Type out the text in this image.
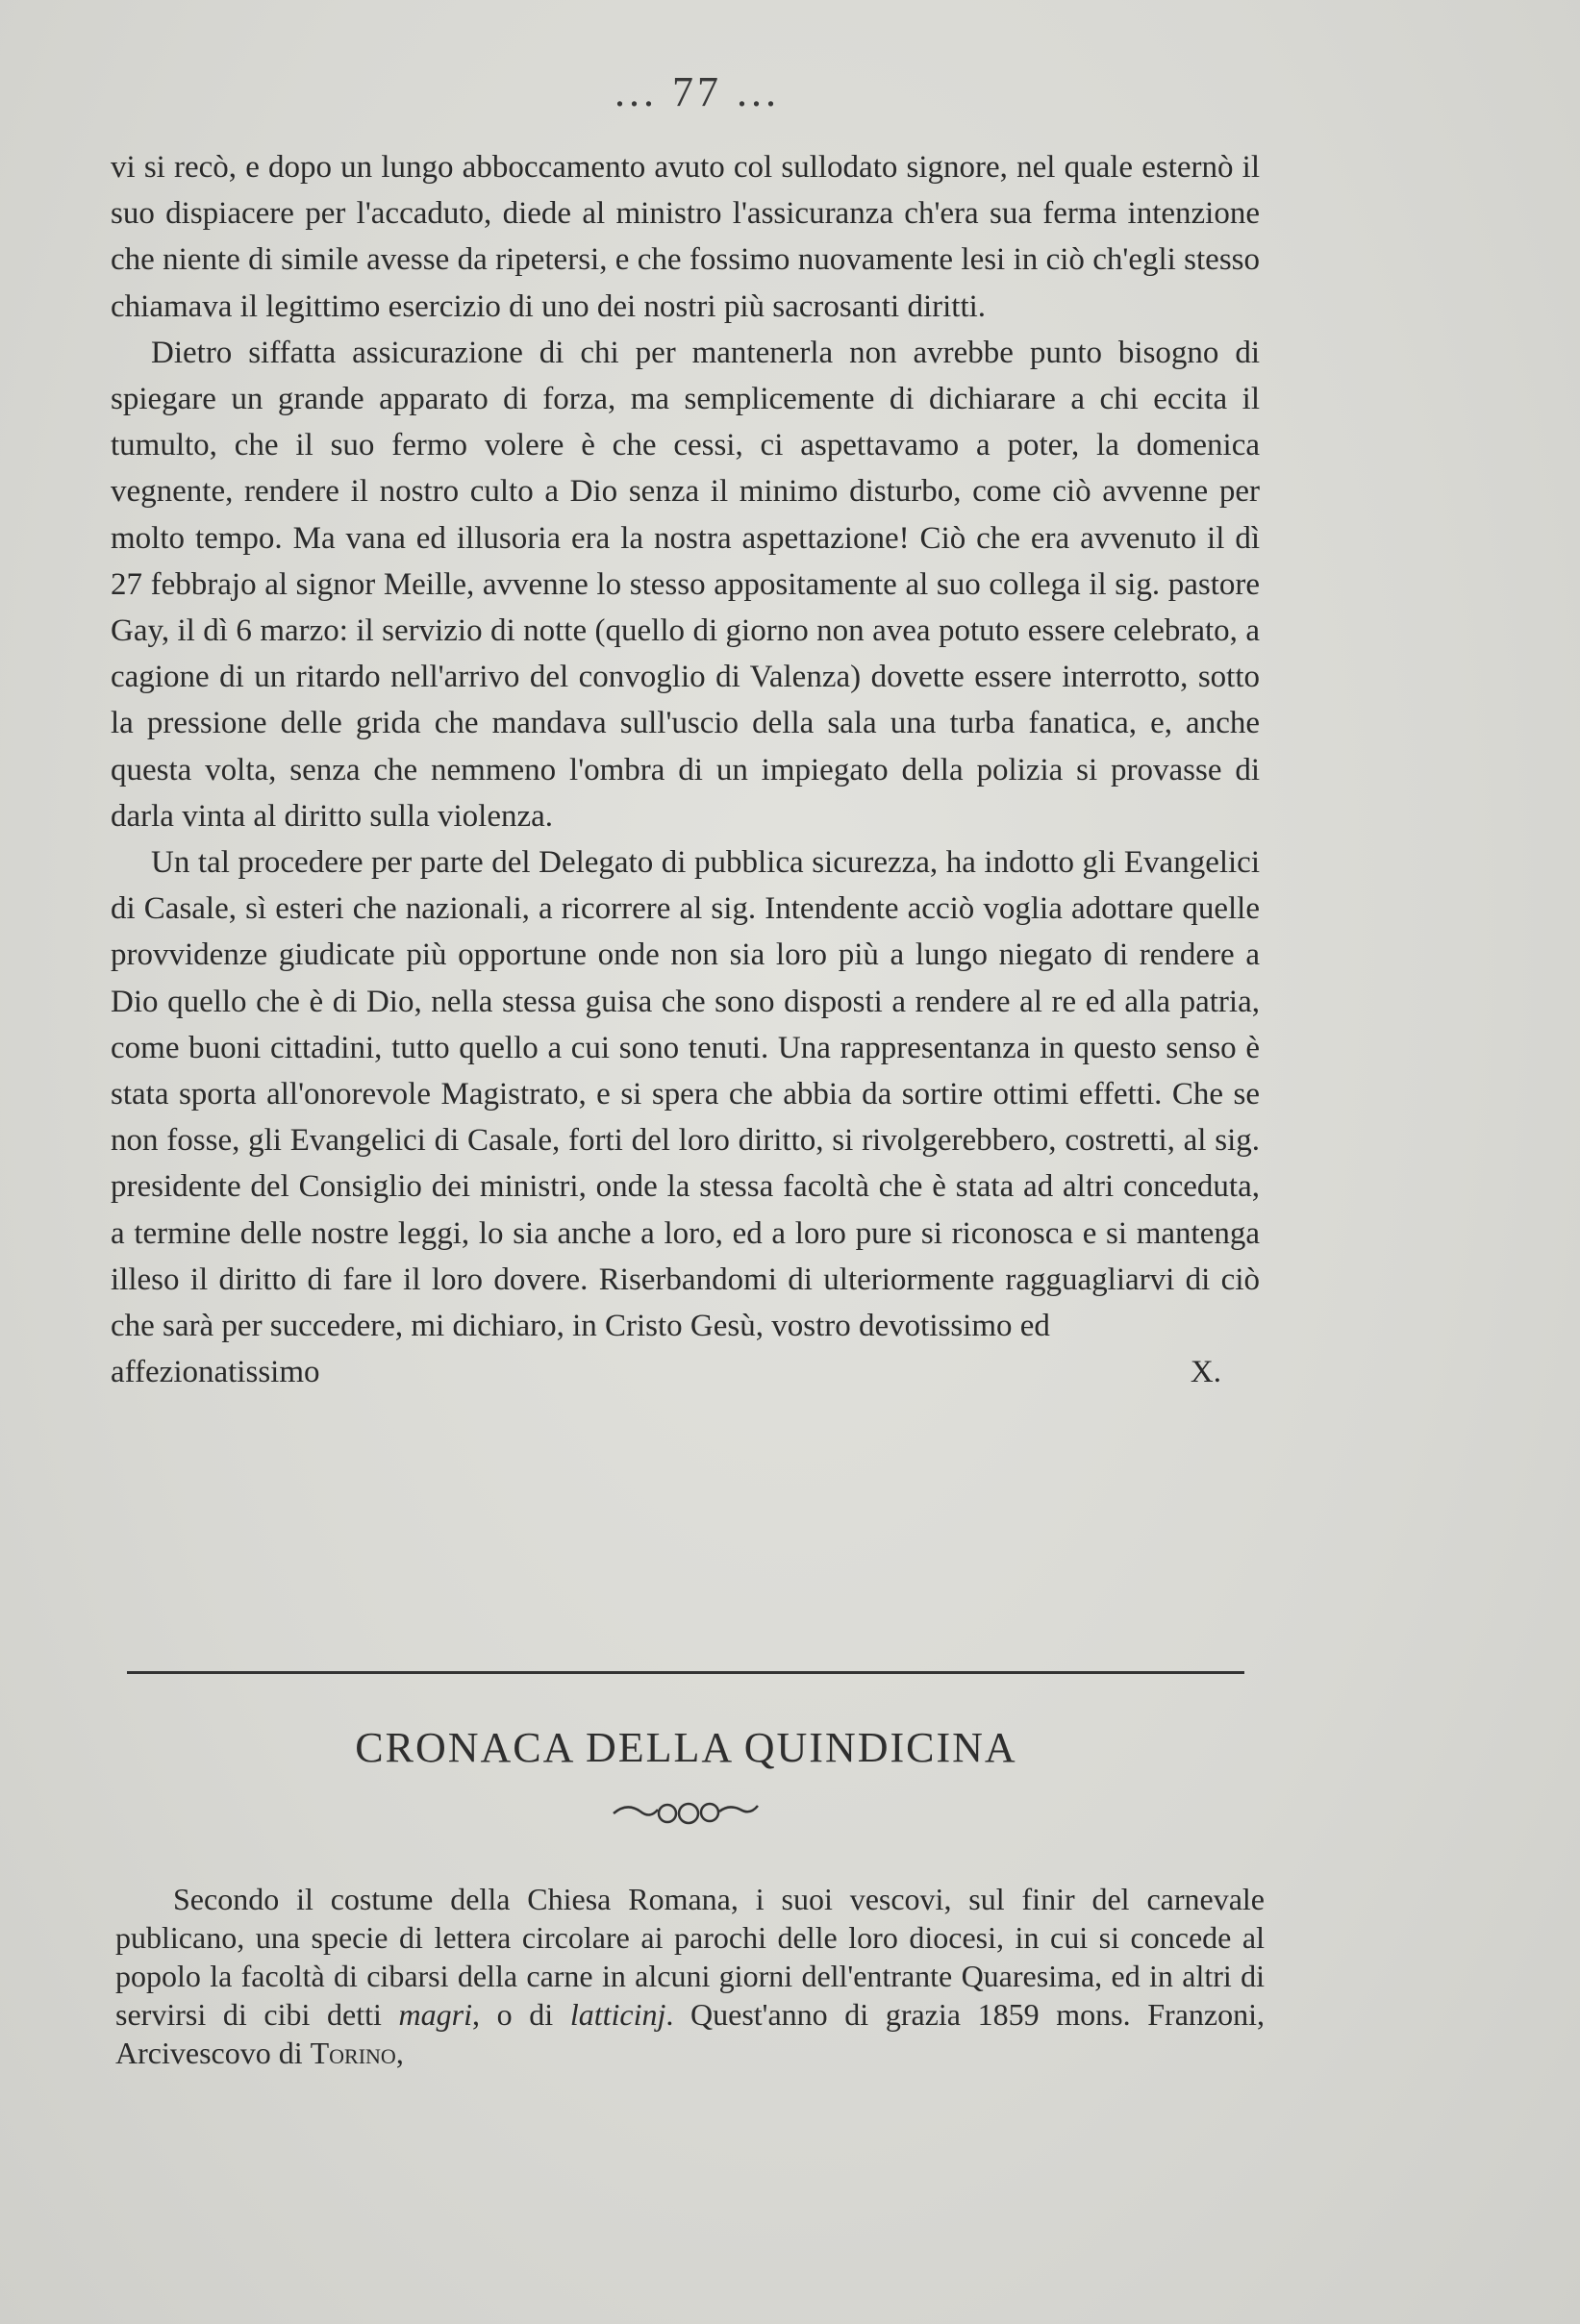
... 77 ...

vi si recò, e dopo un lungo abboccamento avuto col sullodato signore, nel quale esternò il suo dispiacere per l'accaduto, diede al ministro l'assicuranza ch'era sua ferma intenzione che niente di simile avesse da ripetersi, e che fossimo nuovamente lesi in ciò ch'egli stesso chiamava il legittimo esercizio di uno dei nostri più sacrosanti diritti.

Dietro siffatta assicurazione di chi per mantenerla non avrebbe punto bisogno di spiegare un grande apparato di forza, ma semplicemente di dichiarare a chi eccita il tumulto, che il suo fermo volere è che cessi, ci aspettavamo a poter, la domenica vegnente, rendere il nostro culto a Dio senza il minimo disturbo, come ciò avvenne per molto tempo. Ma vana ed illusoria era la nostra aspettazione! Ciò che era avvenuto il dì 27 febbrajo al signor Meille, avvenne lo stesso appositamente al suo collega il sig. pastore Gay, il dì 6 marzo: il servizio di notte (quello di giorno non avea potuto essere celebrato, a cagione di un ritardo nell'arrivo del convoglio di Valenza) dovette essere interrotto, sotto la pressione delle grida che mandava sull'uscio della sala una turba fanatica, e, anche questa volta, senza che nemmeno l'ombra di un impiegato della polizia si provasse di darla vinta al diritto sulla violenza.

Un tal procedere per parte del Delegato di pubblica sicurezza, ha indotto gli Evangelici di Casale, sì esteri che nazionali, a ricorrere al sig. Intendente acciò voglia adottare quelle provvidenze giudicate più opportune onde non sia loro più a lungo niegato di rendere a Dio quello che è di Dio, nella stessa guisa che sono disposti a rendere al re ed alla patria, come buoni cittadini, tutto quello a cui sono tenuti. Una rappresentanza in questo senso è stata sporta all'onorevole Magistrato, e si spera che abbia da sortire ottimi effetti. Che se non fosse, gli Evangelici di Casale, forti del loro diritto, si rivolgerebbero, costretti, al sig. presidente del Consiglio dei ministri, onde la stessa facoltà che è stata ad altri conceduta, a termine delle nostre leggi, lo sia anche a loro, ed a loro pure si riconosca e si mantenga illeso il diritto di fare il loro dovere. Riserbandomi di ulteriormente ragguagliarvi di ciò che sarà per succedere, mi dichiaro, in Cristo Gesù, vostro devotissimo ed

affezionatissimo	X.
CRONACA DELLA QUINDICINA

Secondo il costume della Chiesa Romana, i suoi vescovi, sul finir del carnevale publicano, una specie di lettera circolare ai parochi delle loro diocesi, in cui si concede al popolo la facoltà di cibarsi della carne in alcuni giorni dell'entrante Quaresima, ed in altri di servirsi di cibi detti magri, o di latticinj. Quest'anno di grazia 1859 mons. Franzoni, Arcivescovo di Torino,
